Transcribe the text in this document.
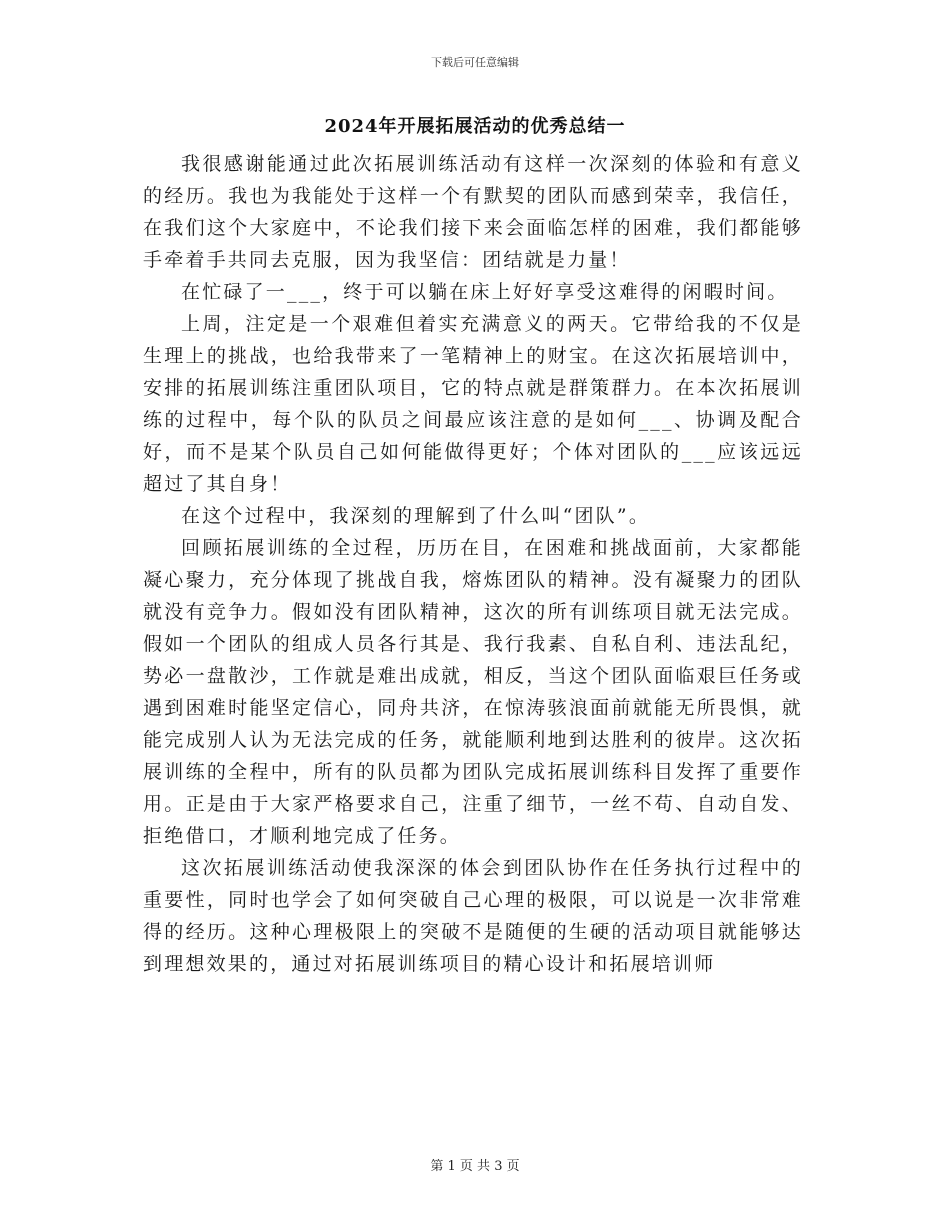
下载后可任意编辑
2024年开展拓展活动的优秀总结一

我很感谢能通过此次拓展训练活动有这样一次深刻的体验和有意义的经历。我也为我能处于这样一个有默契的团队而感到荣幸，我信任，在我们这个大家庭中，不论我们接下来会面临怎样的困难，我们都能够手牵着手共同去克服，因为我坚信：团结就是力量！

在忙碌了一___，终于可以躺在床上好好享受这难得的闲暇时间。

上周，注定是一个艰难但着实充满意义的两天。它带给我的不仅是生理上的挑战，也给我带来了一笔精神上的财宝。在这次拓展培训中，安排的拓展训练注重团队项目，它的特点就是群策群力。在本次拓展训练的过程中，每个队的队员之间最应该注意的是如何___、协调及配合好，而不是某个队员自己如何能做得更好；个体对团队的___应该远远超过了其自身！

在这个过程中，我深刻的理解到了什么叫“团队”。

回顾拓展训练的全过程，历历在目，在困难和挑战面前，大家都能凝心聚力，充分体现了挑战自我，熔炼团队的精神。没有凝聚力的团队就没有竞争力。假如没有团队精神，这次的所有训练项目就无法完成。假如一个团队的组成人员各行其是、我行我素、自私自利、违法乱纪，势必一盘散沙，工作就是难出成就，相反，当这个团队面临艰巨任务或遇到困难时能坚定信心，同舟共济，在惊涛骇浪面前就能无所畏惧，就能完成别人认为无法完成的任务，就能顺利地到达胜利的彼岸。这次拓展训练的全程中，所有的队员都为团队完成拓展训练科目发挥了重要作用。正是由于大家严格要求自己，注重了细节，一丝不苟、自动自发、拒绝借口，才顺利地完成了任务。

这次拓展训练活动使我深深的体会到团队协作在任务执行过程中的重要性，同时也学会了如何突破自己心理的极限，可以说是一次非常难得的经历。这种心理极限上的突破不是随便的生硬的活动项目就能够达到理想效果的，通过对拓展训练项目的精心设计和拓展培训师

第 1 页 共 3 页
